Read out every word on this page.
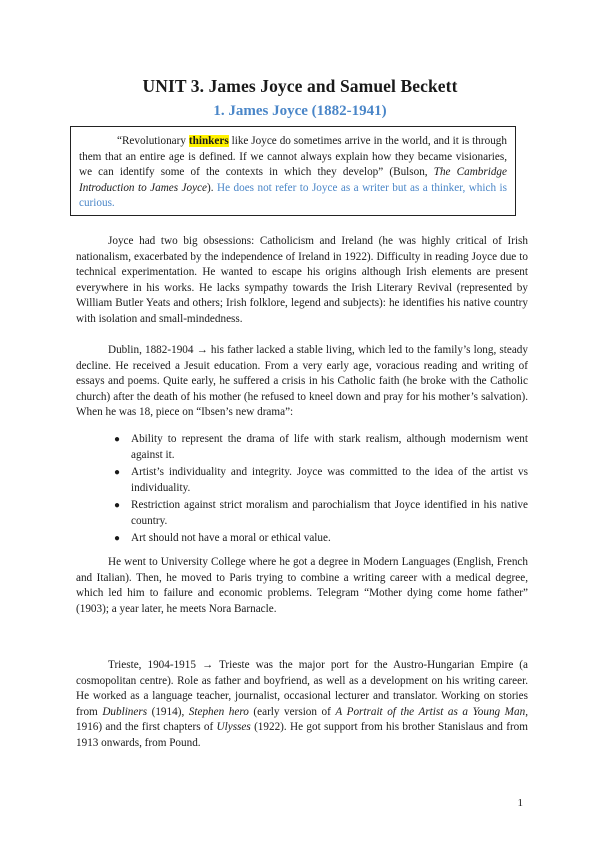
UNIT 3. James Joyce and Samuel Beckett
1. James Joyce (1882-1941)
“Revolutionary thinkers like Joyce do sometimes arrive in the world, and it is through them that an entire age is defined. If we cannot always explain how they became visionaries, we can identify some of the contexts in which they develop” (Bulson, The Cambridge Introduction to James Joyce). He does not refer to Joyce as a writer but as a thinker, which is curious.

Joyce had two big obsessions: Catholicism and Ireland (he was highly critical of Irish nationalism, exacerbated by the independence of Ireland in 1922). Difficulty in reading Joyce due to technical experimentation. He wanted to escape his origins although Irish elements are present everywhere in his works. He lacks sympathy towards the Irish Literary Revival (represented by William Butler Yeats and others; Irish folklore, legend and subjects): he identifies his native country with isolation and small-mindedness.

Dublin, 1882-1904 → his father lacked a stable living, which led to the family’s long, steady decline. He received a Jesuit education. From a very early age, voracious reading and writing of essays and poems. Quite early, he suffered a crisis in his Catholic faith (he broke with the Catholic church) after the death of his mother (he refused to kneel down and pray for his mother’s salvation). When he was 18, piece on “Ibsen’s new drama”:

● Ability to represent the drama of life with stark realism, although modernism went against it.
● Artist’s individuality and integrity. Joyce was committed to the idea of the artist vs individuality.
● Restriction against strict moralism and parochialism that Joyce identified in his native country.
● Art should not have a moral or ethical value.

He went to University College where he got a degree in Modern Languages (English, French and Italian). Then, he moved to Paris trying to combine a writing career with a medical degree, which led him to failure and economic problems. Telegram “Mother dying come home father” (1903); a year later, he meets Nora Barnacle.

Trieste, 1904-1915 → Trieste was the major port for the Austro-Hungarian Empire (a cosmopolitan centre). Role as father and boyfriend, as well as a development on his writing career. He worked as a language teacher, journalist, occasional lecturer and translator. Working on stories from Dubliners (1914), Stephen hero (early version of A Portrait of the Artist as a Young Man, 1916) and the first chapters of Ulysses (1922). He got support from his brother Stanislaus and from 1913 onwards, from Pound.

1
